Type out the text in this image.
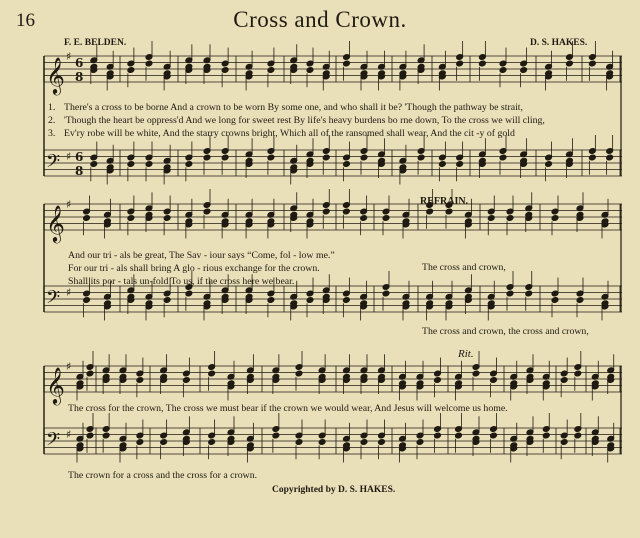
16	Cross and Crown.
F. E. BELDEN.	D. S. HAKES.
𝄞 ♯ 6
8
𝄢 ♯ 6
8
𝄞 ♯
𝄢 ♯
𝄞 ♯
𝄢 ♯
1. There's a cross to be borne And a crown to be worn By some one, and who shall it be? 'Though the pathway be strait,
2. 'Though the heart be oppress'd And we long for sweet rest By life's heavy burdens bo rne down, To the cross we will cling,
3. Ev'ry robe will be white, And the starry crowns bright, Which all of the ransomed shall wear, And the cit -y of gold
And our tri - als be great, The Sav - iour says “Come, fol - low me.”
For our tri - als shall bring A glo - rious exchange for the crown.
Shall its por - tals un-fold To us, if the cross here we bear.
REFRAIN.
The cross and crown,
The cross and crown, the cross and crown,
Rit.
The cross for the crown, The cross we must bear if the crown we would wear, And Jesus will welcome us home.
The crown for a cross and the cross for a crown.
Copyrighted by D. S. HAKES.
